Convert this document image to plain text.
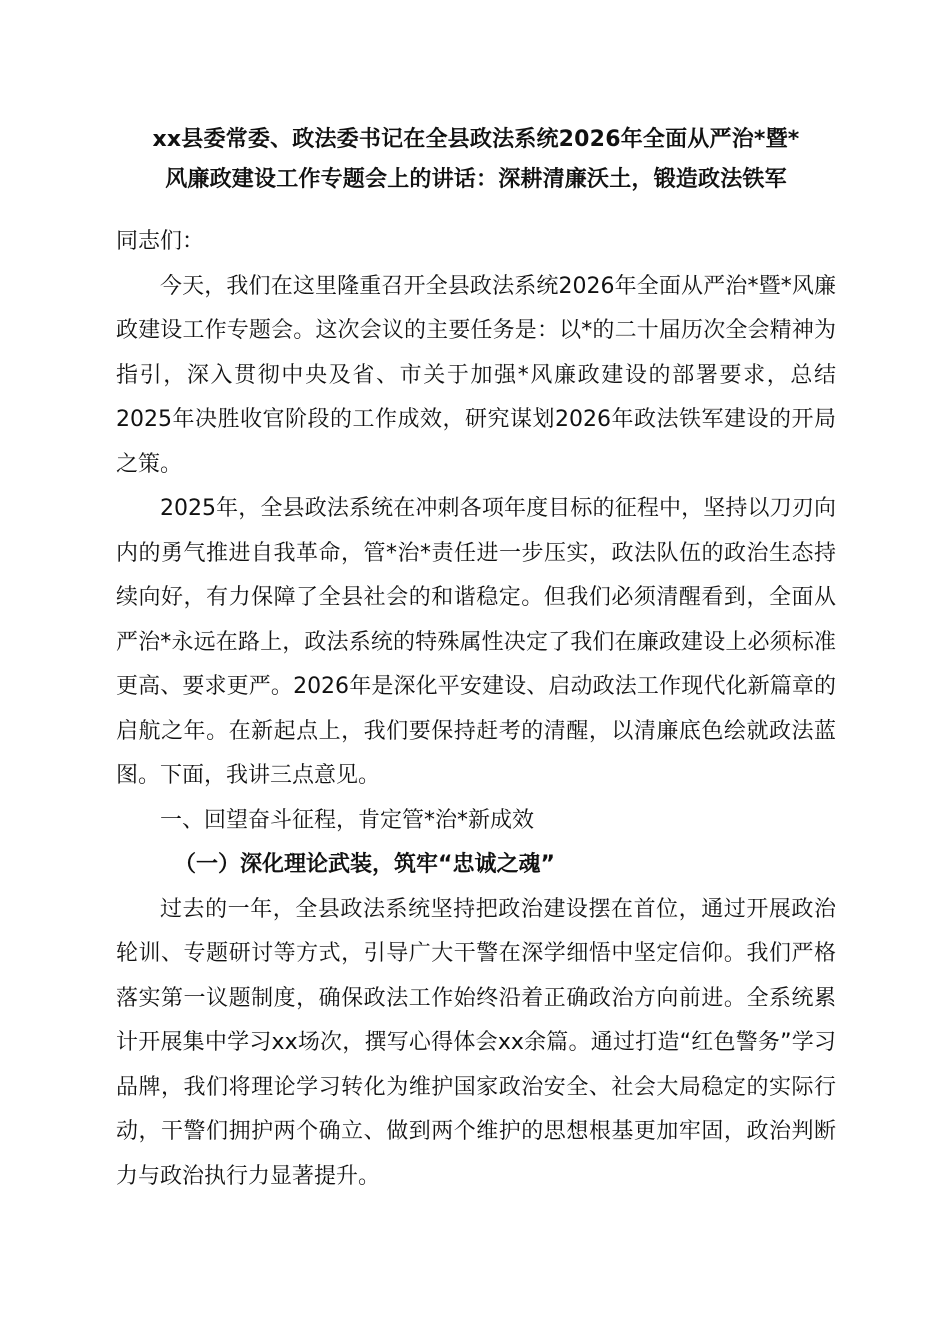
xx县委常委、政法委书记在全县政法系统2026年全面从严治*暨*
风廉政建设工作专题会上的讲话：深耕清廉沃土，锻造政法铁军

同志们：

今天，我们在这里隆重召开全县政法系统2026年全面从严治*暨*风廉政建设工作专题会。这次会议的主要任务是：以*的二十届历次全会精神为指引，深入贯彻中央及省、市关于加强*风廉政建设的部署要求，总结2025年决胜收官阶段的工作成效，研究谋划2026年政法铁军建设的开局之策。

2025年，全县政法系统在冲刺各项年度目标的征程中，坚持以刀刃向内的勇气推进自我革命，管*治*责任进一步压实，政法队伍的政治生态持续向好，有力保障了全县社会的和谐稳定。但我们必须清醒看到，全面从严治*永远在路上，政法系统的特殊属性决定了我们在廉政建设上必须标准更高、要求更严。2026年是深化平安建设、启动政法工作现代化新篇章的启航之年。在新起点上，我们要保持赶考的清醒，以清廉底色绘就政法蓝图。下面，我讲三点意见。

一、回望奋斗征程，肯定管*治*新成效

（一）深化理论武装，筑牢“忠诚之魂”

过去的一年，全县政法系统坚持把政治建设摆在首位，通过开展政治轮训、专题研讨等方式，引导广大干警在深学细悟中坚定信仰。我们严格落实第一议题制度，确保政法工作始终沿着正确政治方向前进。全系统累计开展集中学习xx场次，撰写心得体会xx余篇。通过打造“红色警务”学习品牌，我们将理论学习转化为维护国家政治安全、社会大局稳定的实际行动，干警们拥护两个确立、做到两个维护的思想根基更加牢固，政治判断力与政治执行力显著提升。
